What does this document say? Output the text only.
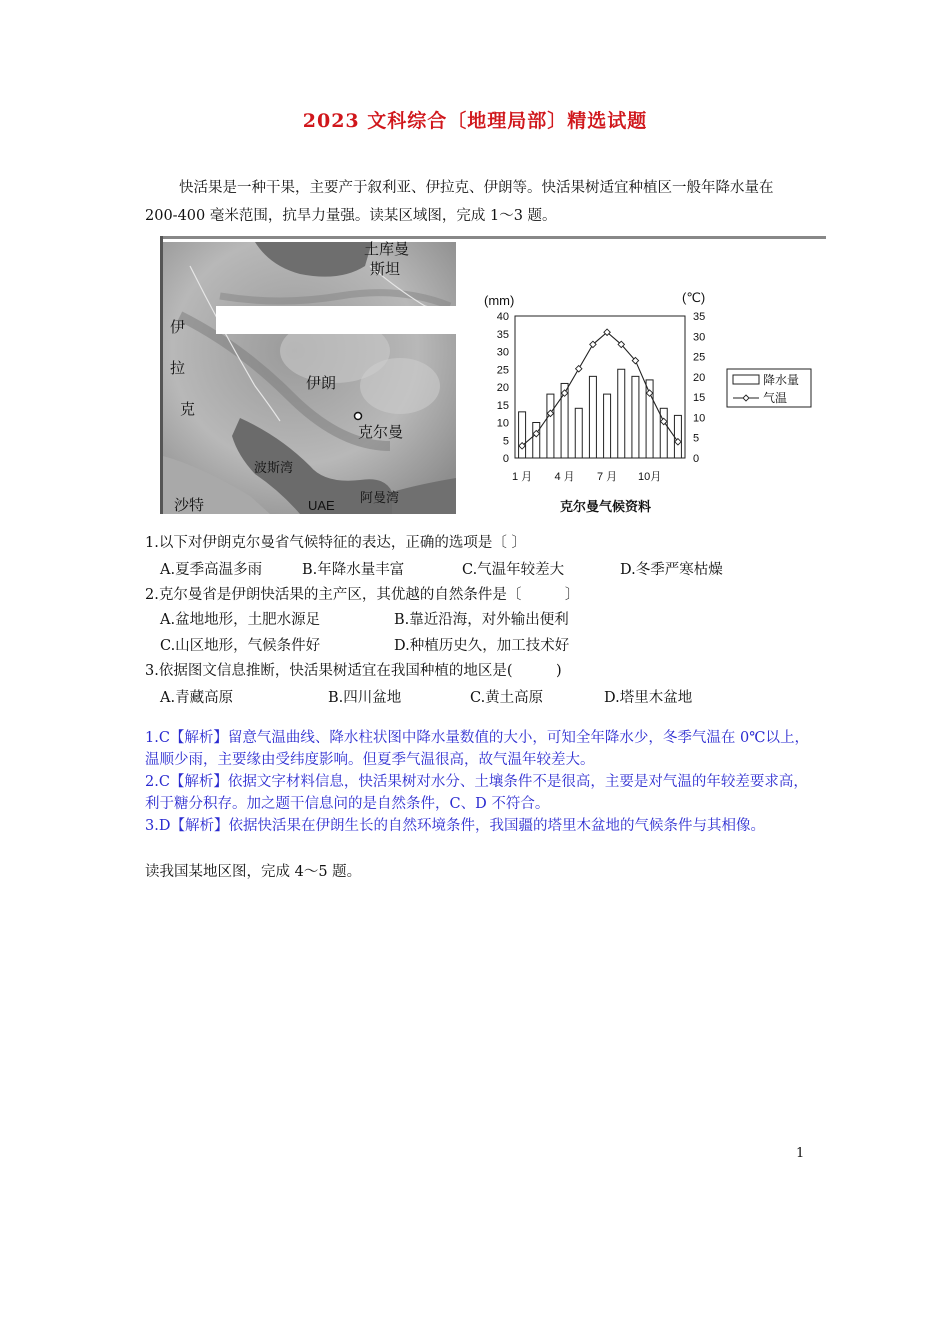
2023 文科综合〔地理局部〕精选试题
快活果是一种干果，主要产于叙利亚、伊拉克、伊朗等。快活果树适宜种植区一般年降水量在 200-400 毫米范围，抗旱力量强。读某区域图，完成 1～3 题。
土库曼
斯坦
伊
拉
克
伊朗
克尔曼
波斯湾
沙特	UAE
阿曼湾
(mm)	(℃)
0
5
10
15
20
25
30
35
40
0
5
10
15
20
25
30
35
1 月 4 月 7 月 10月
克尔曼气候资料
降水量
气温
1.以下对伊朗克尔曼省气候特征的表达，正确的选项是〔 〕
A.夏季高温多雨	B.年降水量丰富	C.气温年较差大	D.冬季严寒枯燥
2.克尔曼省是伊朗快活果的主产区，其优越的自然条件是〔　　　〕
A.盆地地形，土肥水源足	B.靠近沿海，对外输出便利
C.山区地形，气候条件好	D.种植历史久，加工技术好
3.依据图文信息推断，快活果树适宜在我国种植的地区是(　　　)
A.青藏高原	B.四川盆地	C.黄土高原	D.塔里木盆地
1.C【解析】留意气温曲线、降水柱状图中降水量数值的大小，可知全年降水少，冬季气温在 0℃以上，温顺少雨，主要缘由受纬度影响。但夏季气温很高，故气温年较差大。
2.C【解析】依据文字材料信息，快活果树对水分、土壤条件不是很高，主要是对气温的年较差要求高，利于糖分积存。加之题干信息问的是自然条件，C、D 不符合。
3.D【解析】依据快活果在伊朗生长的自然环境条件，我国疆的塔里木盆地的气候条件与其相像。
读我国某地区图，完成 4～5 题。
1
